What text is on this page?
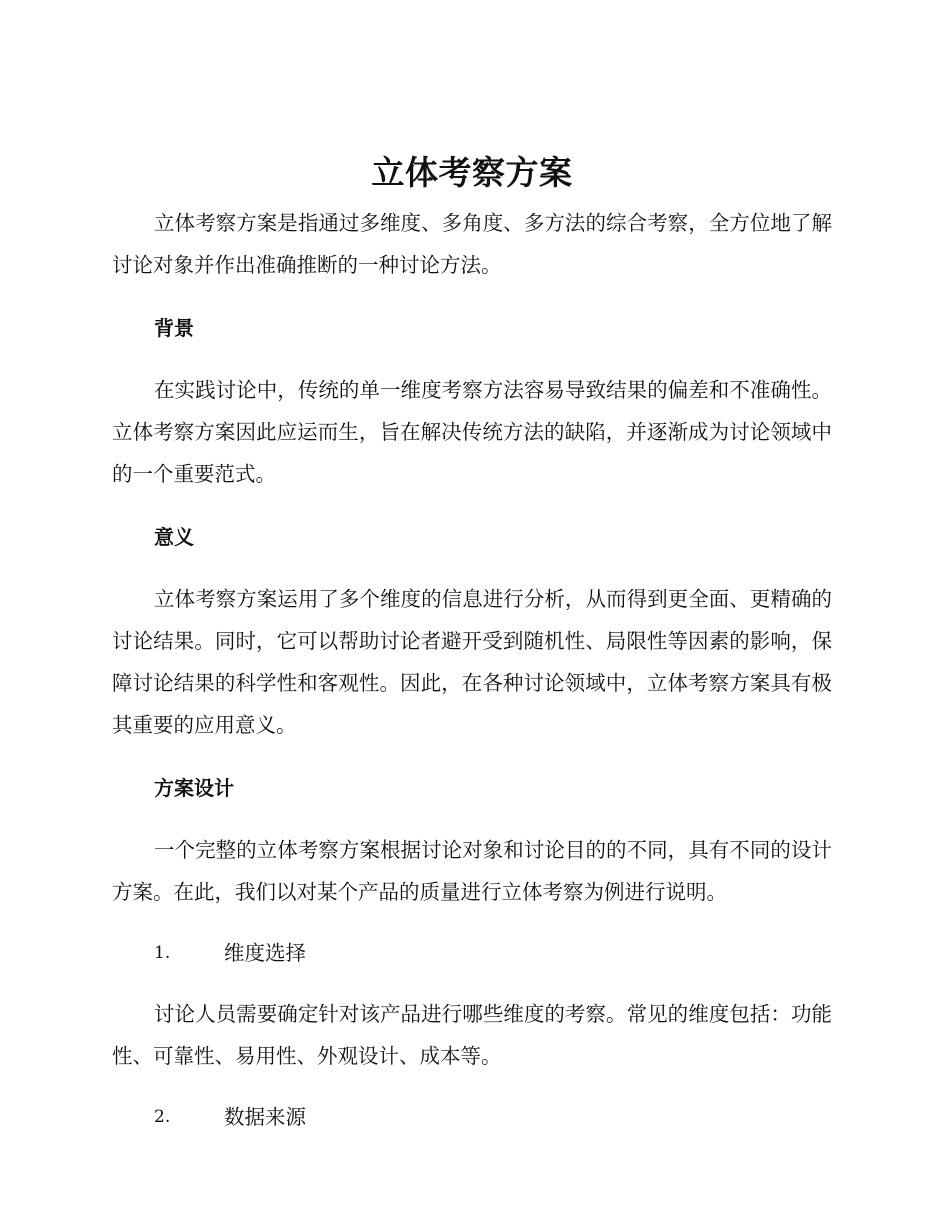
立体考察方案

立体考察方案是指通过多维度、多角度、多方法的综合考察，全方位地了解讨论对象并作出准确推断的一种讨论方法。

背景

在实践讨论中，传统的单一维度考察方法容易导致结果的偏差和不准确性。立体考察方案因此应运而生，旨在解决传统方法的缺陷，并逐渐成为讨论领域中的一个重要范式。

意义

立体考察方案运用了多个维度的信息进行分析，从而得到更全面、更精确的讨论结果。同时，它可以帮助讨论者避开受到随机性、局限性等因素的影响，保障讨论结果的科学性和客观性。因此，在各种讨论领域中，立体考察方案具有极其重要的应用意义。

方案设计

一个完整的立体考察方案根据讨论对象和讨论目的的不同，具有不同的设计方案。在此，我们以对某个产品的质量进行立体考察为例进行说明。

1.	维度选择

讨论人员需要确定针对该产品进行哪些维度的考察。常见的维度包括：功能性、可靠性、易用性、外观设计、成本等。

2.	数据来源
